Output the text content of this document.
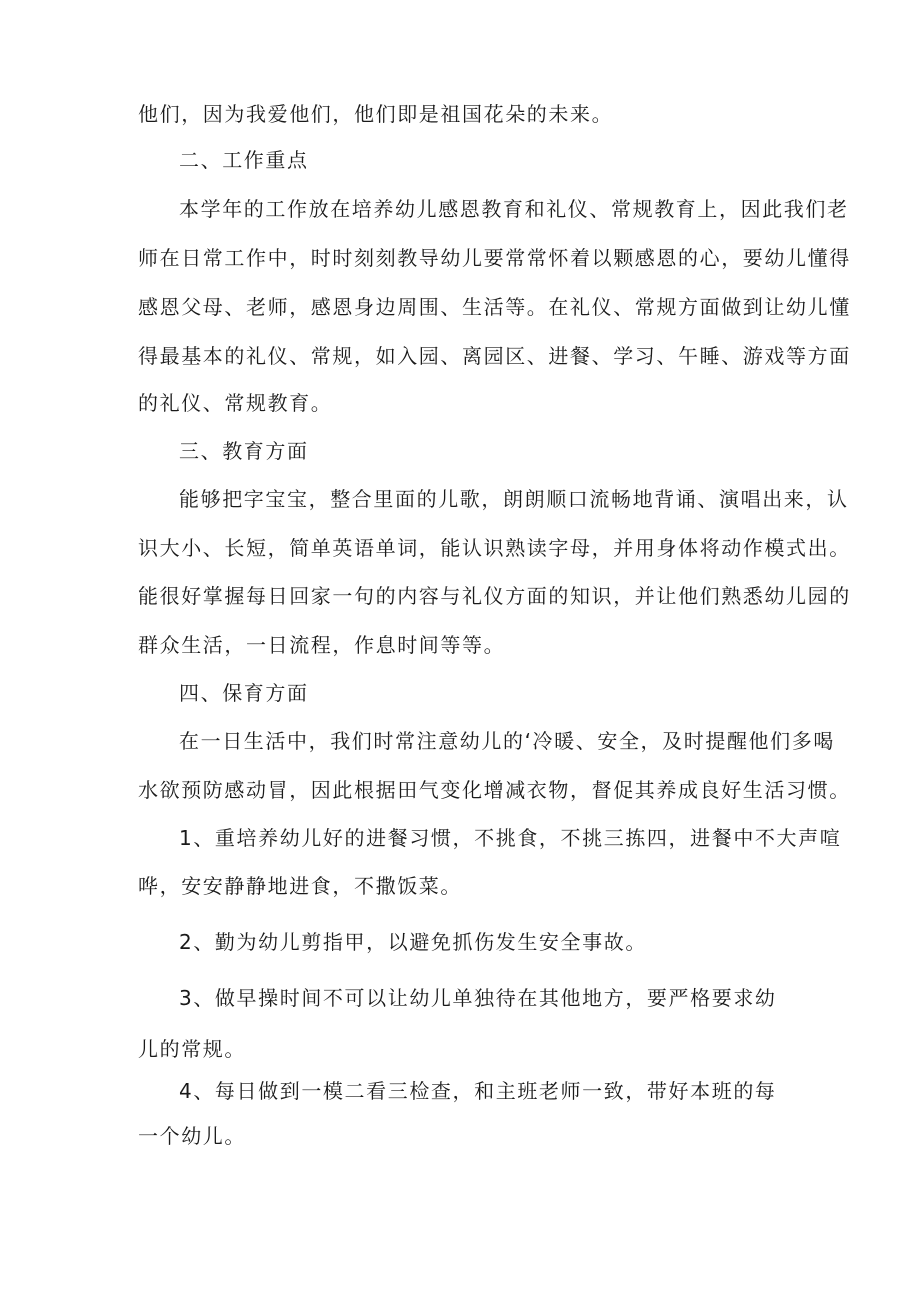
他们，因为我爱他们，他们即是祖国花朵的未来。
二、工作重点
本学年的工作放在培养幼儿感恩教育和礼仪、常规教育上，因此我们老
师在日常工作中，时时刻刻教导幼儿要常常怀着以颗感恩的心，要幼儿懂得
感恩父母、老师，感恩身边周围、生活等。在礼仪、常规方面做到让幼儿懂
得最基本的礼仪、常规，如入园、离园区、进餐、学习、午睡、游戏等方面
的礼仪、常规教育。
三、教育方面
能够把字宝宝，整合里面的儿歌，朗朗顺口流畅地背诵、演唱出来，认
识大小、长短，简单英语单词，能认识熟读字母，并用身体将动作模式出。
能很好掌握每日回家一句的内容与礼仪方面的知识，并让他们熟悉幼儿园的
群众生活，一日流程，作息时间等等。
四、保育方面
在一日生活中，我们时常注意幼儿的‘冷暖、安全，及时提醒他们多喝
水欲预防感动冒，因此根据田气变化增减衣物，督促其养成良好生活习惯。
1、重培养幼儿好的进餐习惯，不挑食，不挑三拣四，进餐中不大声喧
哗，安安静静地进食，不撒饭菜。
2、勤为幼儿剪指甲，以避免抓伤发生安全事故。
3、做早操时间不可以让幼儿单独待在其他地方，要严格要求幼
儿的常规。
4、每日做到一模二看三检查，和主班老师一致，带好本班的每
一个幼儿。
